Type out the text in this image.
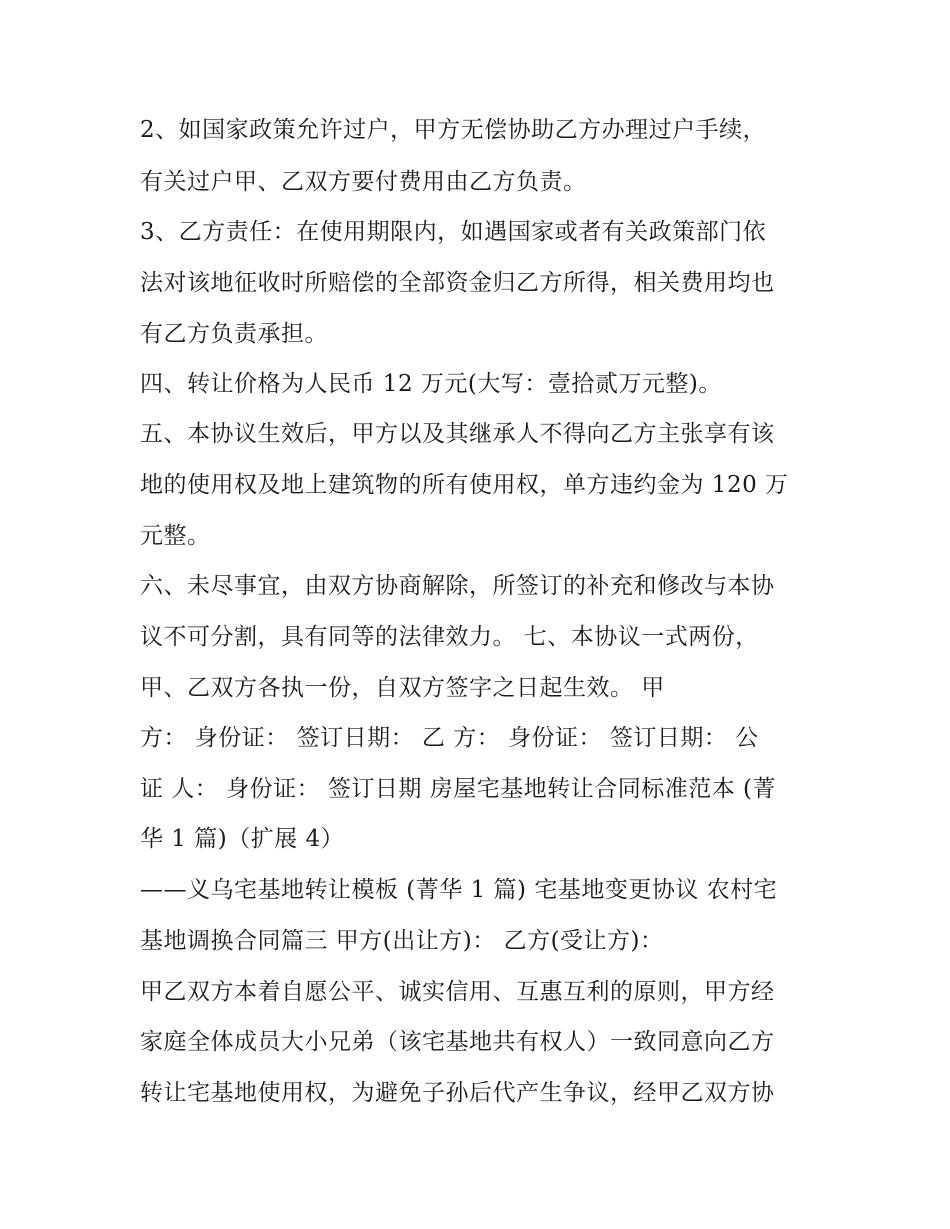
2、如国家政策允许过户，甲方无偿协助乙方办理过户手续，
有关过户甲、乙双方要付费用由乙方负责。
3、乙方责任：在使用期限内，如遇国家或者有关政策部门依
法对该地征收时所赔偿的全部资金归乙方所得，相关费用均也
有乙方负责承担。
四、转让价格为人民币 12 万元(大写：壹拾贰万元整)。
五、本协议生效后，甲方以及其继承人不得向乙方主张享有该
地的使用权及地上建筑物的所有使用权，单方违约金为 120 万
元整。
六、未尽事宜，由双方协商解除，所签订的补充和修改与本协
议不可分割，具有同等的法律效力。 七、本协议一式两份，
甲、乙双方各执一份，自双方签字之日起生效。 甲
方： 身份证： 签订日期： 乙 方： 身份证： 签订日期： 公
证 人： 身份证： 签订日期 房屋宅基地转让合同标准范本 (菁
华 1 篇)（扩展 4）
——义乌宅基地转让模板 (菁华 1 篇) 宅基地变更协议 农村宅
基地调换合同篇三 甲方(出让方)： 乙方(受让方)：
甲乙双方本着自愿公平、诚实信用、互惠互利的原则，甲方经
家庭全体成员大小兄弟（该宅基地共有权人）一致同意向乙方
转让宅基地使用权，为避免子孙后代产生争议，经甲乙双方协
